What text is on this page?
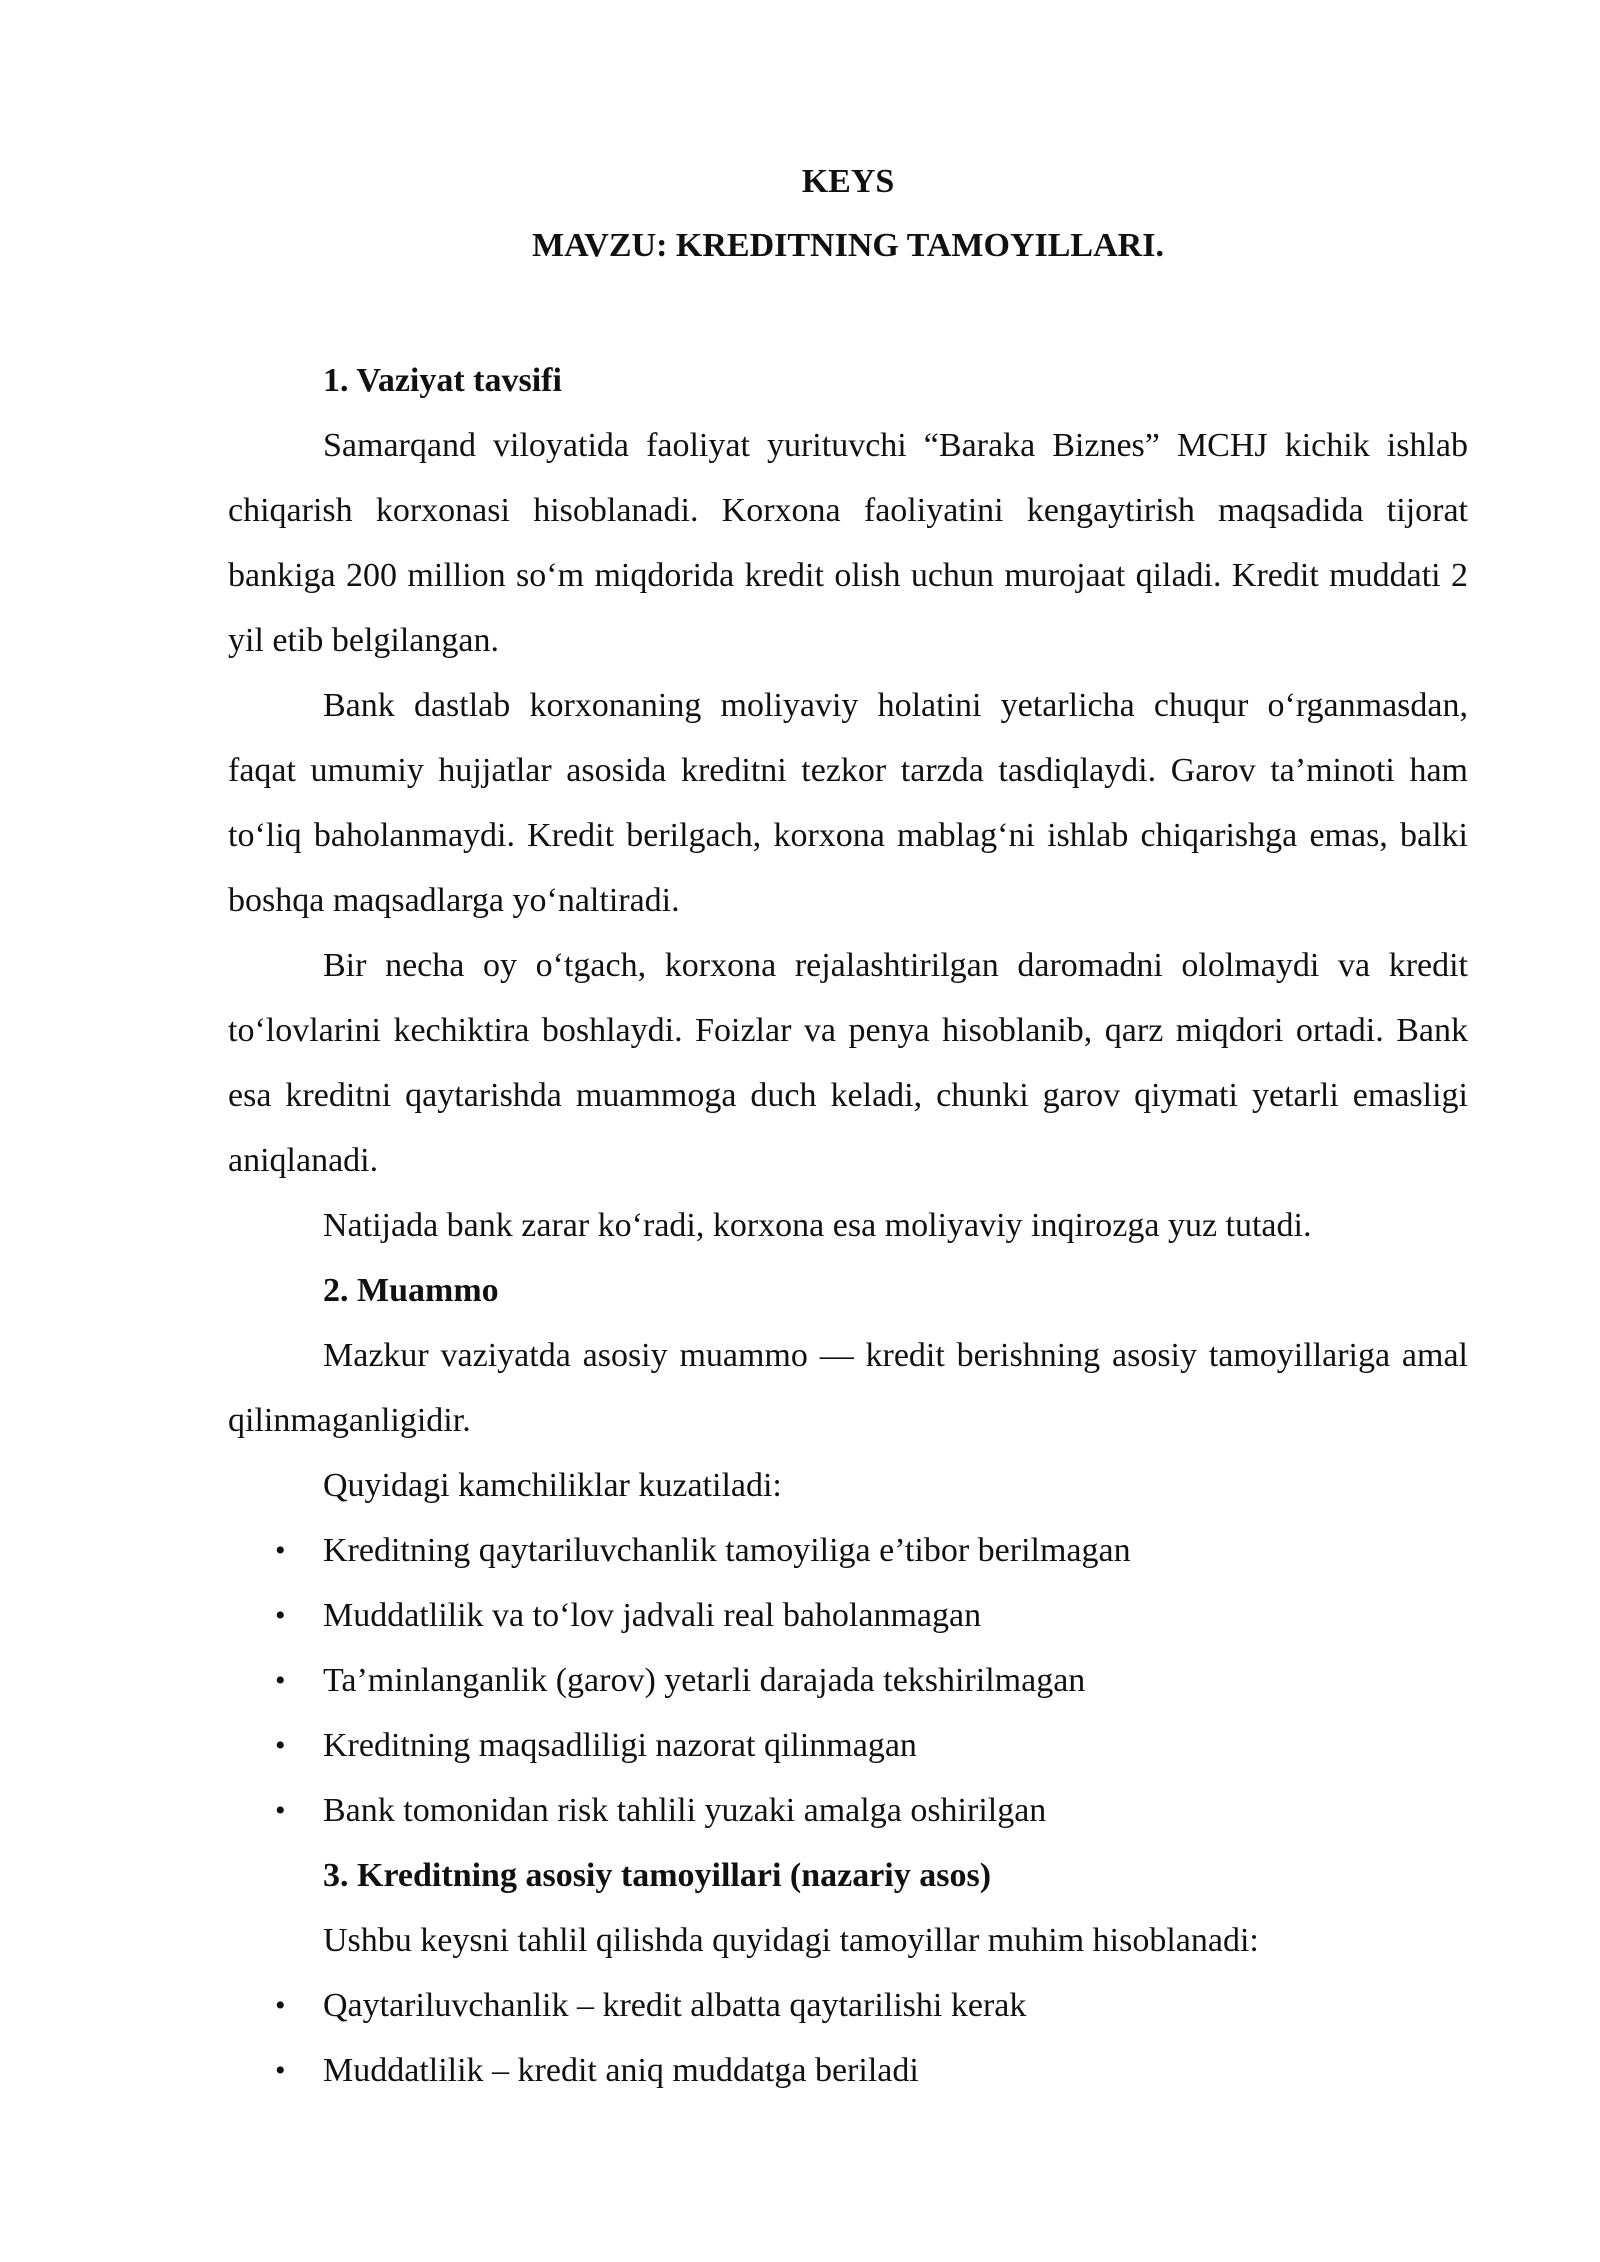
KEYS

MAVZU: KREDITNING TAMOYILLARI.

1. Vaziyat tavsifi

Samarqand viloyatida faoliyat yurituvchi “Baraka Biznes” MCHJ kichik ishlab chiqarish korxonasi hisoblanadi. Korxona faoliyatini kengaytirish maqsadida tijorat bankiga 200 million so‘m miqdorida kredit olish uchun murojaat qiladi. Kredit muddati 2 yil etib belgilangan.

Bank dastlab korxonaning moliyaviy holatini yetarlicha chuqur o‘rganmasdan, faqat umumiy hujjatlar asosida kreditni tezkor tarzda tasdiqlaydi. Garov ta’minoti ham to‘liq baholanmaydi. Kredit berilgach, korxona mablag‘ni ishlab chiqarishga emas, balki boshqa maqsadlarga yo‘naltiradi.

Bir necha oy o‘tgach, korxona rejalashtirilgan daromadni ololmaydi va kredit to‘lovlarini kechiktira boshlaydi. Foizlar va penya hisoblanib, qarz miqdori ortadi. Bank esa kreditni qaytarishda muammoga duch keladi, chunki garov qiymati yetarli emasligi aniqlanadi.

Natijada bank zarar ko‘radi, korxona esa moliyaviy inqirozga yuz tutadi.

2. Muammo

Mazkur vaziyatda asosiy muammo — kredit berishning asosiy tamoyillariga amal qilinmaganligidir.

Quyidagi kamchiliklar kuzatiladi:

• Kreditning qaytariluvchanlik tamoyiliga e’tibor berilmagan
• Muddatlilik va to‘lov jadvali real baholanmagan
• Ta’minlanganlik (garov) yetarli darajada tekshirilmagan
• Kreditning maqsadliligi nazorat qilinmagan
• Bank tomonidan risk tahlili yuzaki amalga oshirilgan

3. Kreditning asosiy tamoyillari (nazariy asos)

Ushbu keysni tahlil qilishda quyidagi tamoyillar muhim hisoblanadi:

• Qaytariluvchanlik – kredit albatta qaytarilishi kerak
• Muddatlilik – kredit aniq muddatga beriladi
